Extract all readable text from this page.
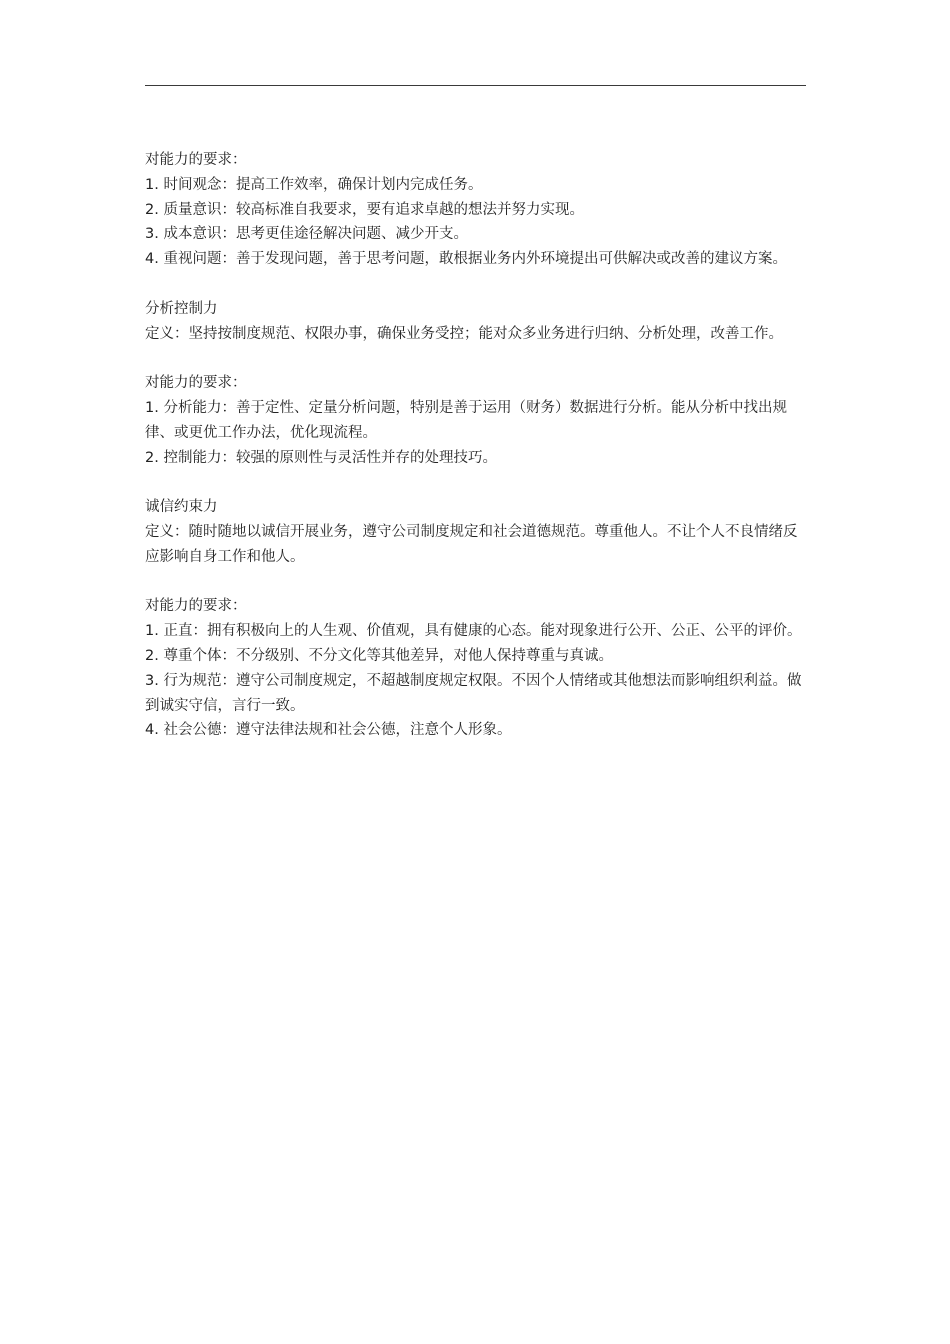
对能力的要求：

1. 时间观念：提高工作效率，确保计划内完成任务。

2. 质量意识：较高标准自我要求，要有追求卓越的想法并努力实现。

3. 成本意识：思考更佳途径解决问题、减少开支。

4. 重视问题：善于发现问题，善于思考问题，敢根据业务内外环境提出可供解决或改善的建议方案。

分析控制力

定义：坚持按制度规范、权限办事，确保业务受控；能对众多业务进行归纳、分析处理，改善工作。

对能力的要求：

1. 分析能力：善于定性、定量分析问题，特别是善于运用（财务）数据进行分析。能从分析中找出规律、或更优工作办法，优化现流程。

2. 控制能力：较强的原则性与灵活性并存的处理技巧。

诚信约束力

定义：随时随地以诚信开展业务，遵守公司制度规定和社会道德规范。尊重他人。不让个人不良情绪反应影响自身工作和他人。

对能力的要求：

1. 正直：拥有积极向上的人生观、价值观，具有健康的心态。能对现象进行公开、公正、公平的评价。

2. 尊重个体：不分级别、不分文化等其他差异，对他人保持尊重与真诚。

3. 行为规范：遵守公司制度规定，不超越制度规定权限。不因个人情绪或其他想法而影响组织利益。做到诚实守信，言行一致。

4. 社会公德：遵守法律法规和社会公德，注意个人形象。
